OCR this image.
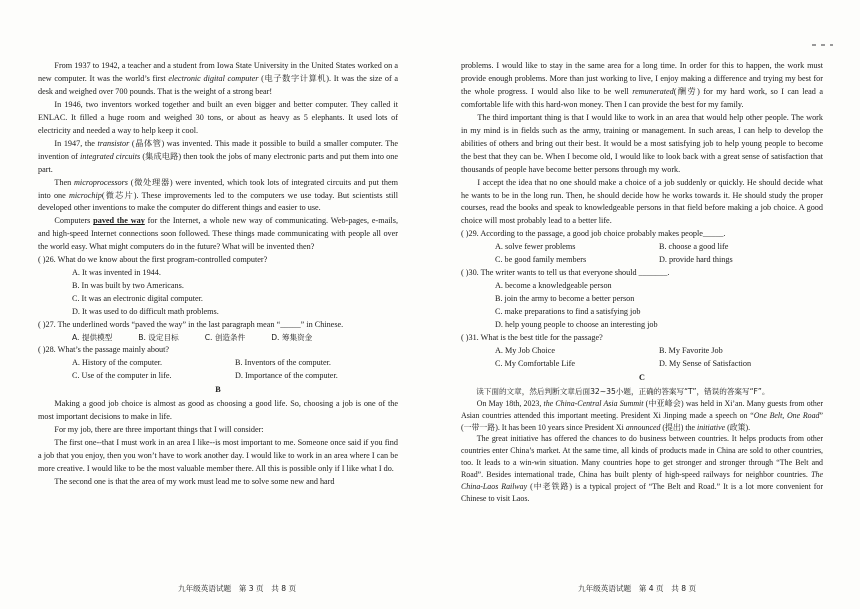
From 1937 to 1942, a teacher and a student from Iowa State University in the United States worked on a new computer. It was the world’s first electronic digital computer (电子数字计算机). It was the size of a desk and weighed over 700 pounds. That is the weight of a strong bear!

In 1946, two inventors worked together and built an even bigger and better computer. They called it ENLAC. It filled a huge room and weighed 30 tons, or about as heavy as 5 elephants. It used lots of electricity and needed a way to help keep it cool.

In 1947, the transistor (晶体管) was invented. This made it possible to build a smaller computer. The invention of integrated circuits (集成电路) then took the jobs of many electronic parts and put them into one part.

Then microprocessors (微处理器) were invented, which took lots of integrated circuits and put them into one microchip(微芯片). These improvements led to the computers we use today. But scientists still developed other inventions to make the computer do different things and easier to use.

Computers paved the way for the Internet, a whole new way of communicating. Web-pages, e-mails, and high-speed Internet connections soon followed. These things made communicating with people all over the world easy. What might computers do in the future? What will be invented then?

( )26. What do we know about the first program-controlled computer?

A. It was invented in 1944.
B. In was built by two Americans.
C. It was an electronic digital computer.
D. It was used to do difficult math problems.

( )27. The underlined words “paved the way” in the last paragraph mean “_____” in Chinese.

A. 提供模型	B. 设定目标	C. 创造条件	D. 筹集资金

( )28. What’s the passage mainly about?

A. History of the computer.	B. Inventors of the computer.
C. Use of the computer in life.	D. Importance of the computer.
B

Making a good job choice is almost as good as choosing a good life. So, choosing a job is one of the most important decisions to make in life.

For my job, there are three important things that I will consider:

The first one--that I must work in an area I like--is most important to me. Someone once said if you find a job that you enjoy, then you won’t have to work another day. I would like to work in an area where I can be more creative. I would like to be the most valuable member there. All this is possible only if I like what I do.

The second one is that the area of my work must lead me to solve some new and hard

problems. I would like to stay in the same area for a long time. In order for this to happen, the work must provide enough problems. More than just working to live, I enjoy making a difference and trying my best for the whole progress. I would also like to be well remunerated(酬劳) for my hard work, so I can lead a comfortable life with this hard-won money. Then I can provide the best for my family.

The third important thing is that I would like to work in an area that would help other people. The work in my mind is in fields such as the army, training or management. In such areas, I can help to develop the abilities of others and bring out their best. It would be a most satisfying job to help young people to become the best that they can be. When I become old, I would like to look back with a great sense of satisfaction that thousands of people have become better persons through my work.

I accept the idea that no one should make a choice of a job suddenly or quickly. He should decide what he wants to be in the long run. Then, he should decide how he works towards it. He should study the proper courses, read the books and speak to knowledgeable persons in that field before making a job choice. A good choice will most probably lead to a better life.

( )29. According to the passage, a good job choice probably makes people_____.

A. solve fewer problems	B. choose a good life
C. be good family members	D. provide hard things

( )30. The writer wants to tell us that everyone should _______.

A. become a knowledgeable person
B. join the army to become a better person
C. make preparations to find a satisfying job
D. help young people to choose an interesting job

( )31. What is the best title for the passage?

A. My Job Choice	B. My Favorite Job
C. My Comfortable Life	D. My Sense of Satisfaction
C

读下面的文章，然后判断文章后面32~35小题，正确的答案写“T”，错误的答案写“F”。

On May 18th, 2023, the China-Central Asia Summit (中亚峰会) was held in Xi’an. Many guests from other Asian countries attended this important meeting. President Xi Jinping made a speech on “One Belt, One Road” (一带一路). It has been 10 years since President Xi announced (提出) the initiative (政策).

The great initiative has offered the chances to do business between countries. It helps products from other countries enter China’s market. At the same time, all kinds of products made in China are sold to other countries, too. It leads to a win-win situation. Many countries hope to get stronger and stronger through “The Belt and Road”. Besides international trade, China has built plenty of high-speed railways for neighbor countries. The China-Laos Railway (中老铁路) is a typical project of “The Belt and Road.” It is a lot more convenient for Chinese to visit Laos.

九年级英语试题　第 3 页　共 8 页	九年级英语试题　第 4 页　共 8 页
